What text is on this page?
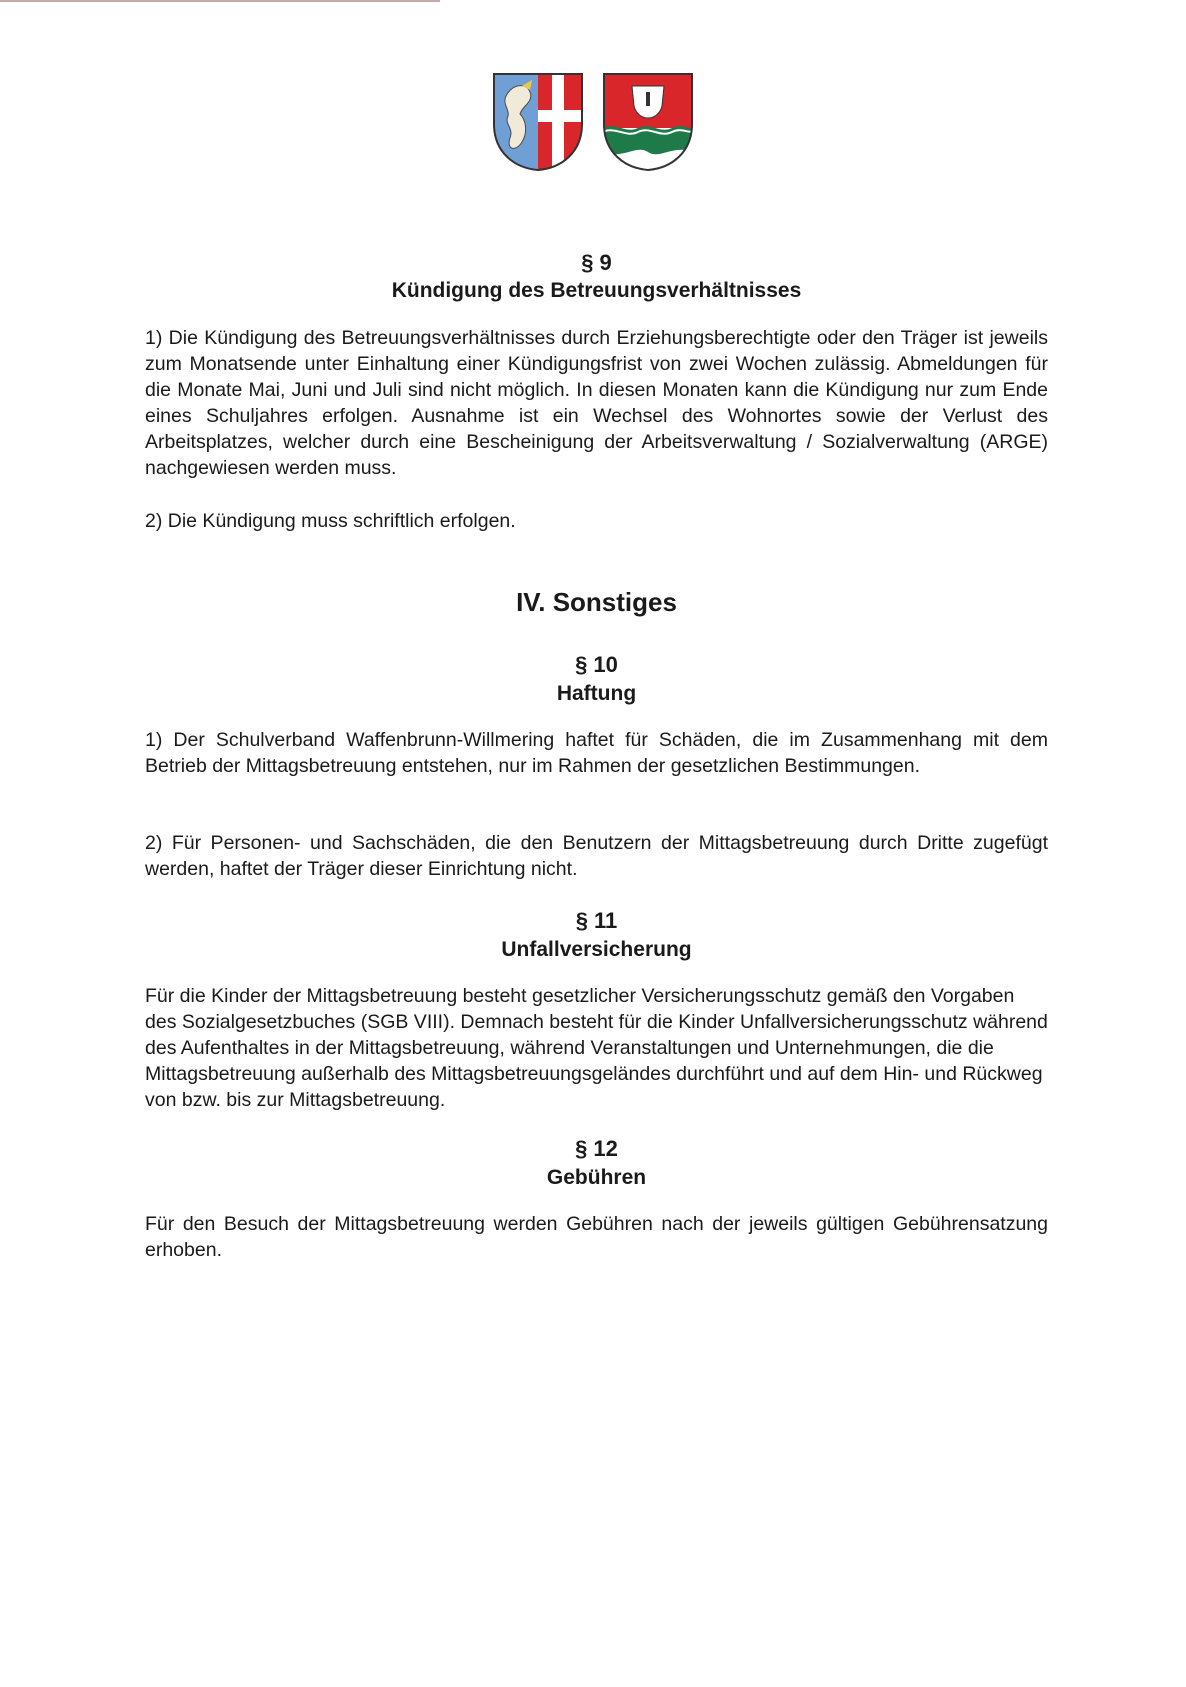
§ 9

Kündigung des Betreuungsverhältnisses

1) Die Kündigung des Betreuungsverhältnisses durch Erziehungsberechtigte oder den Träger ist jeweils zum Monatsende unter Einhaltung einer Kündigungsfrist von zwei Wochen zulässig. Abmeldungen für die Monate Mai, Juni und Juli sind nicht möglich. In diesen Monaten kann die Kündigung nur zum Ende eines Schuljahres erfolgen. Ausnahme ist ein Wechsel des Wohnortes sowie der Verlust des Arbeitsplatzes, welcher durch eine Bescheinigung der Arbeitsverwaltung / Sozialverwaltung (ARGE) nachgewiesen werden muss.

2) Die Kündigung muss schriftlich erfolgen.

IV. Sonstiges

§ 10

Haftung

1) Der Schulverband Waffenbrunn-Willmering haftet für Schäden, die im Zusammenhang mit dem Betrieb der Mittagsbetreuung entstehen, nur im Rahmen der gesetzlichen Bestimmungen.

2) Für Personen- und Sachschäden, die den Benutzern der Mittagsbetreuung durch Dritte zugefügt werden, haftet der Träger dieser Einrichtung nicht.

§ 11

Unfallversicherung

Für die Kinder der Mittagsbetreuung besteht gesetzlicher Versicherungsschutz gemäß den Vorgaben des Sozialgesetzbuches (SGB VIII). Demnach besteht für die Kinder Unfallversicherungsschutz während des Aufenthaltes in der Mittagsbetreuung, während Veranstaltungen und Unternehmungen, die die Mittagsbetreuung außerhalb des Mittagsbetreuungsgeländes durchführt und auf dem Hin- und Rückweg von bzw. bis zur Mittagsbetreuung.

§ 12

Gebühren

Für den Besuch der Mittagsbetreuung werden Gebühren nach der jeweils gültigen Gebührensatzung erhoben.
